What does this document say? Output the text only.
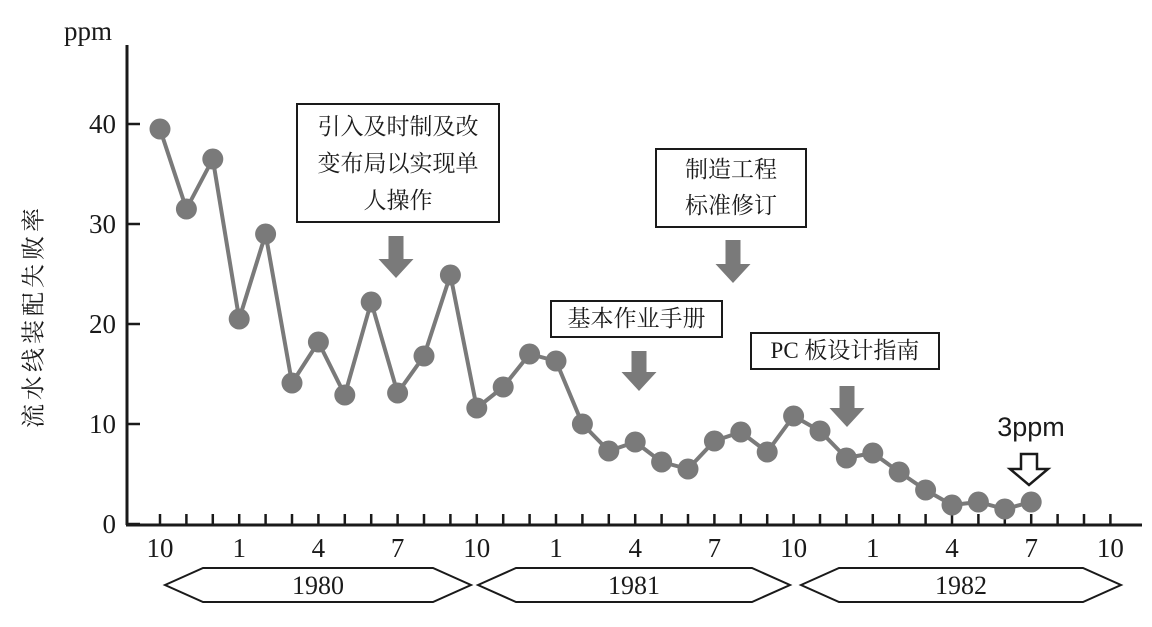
1980	1981	1982
10 1 4 7 10 1 4 7 10 1 4 7 10
0
10
20
30
40
ppm
流水线装配失败率
引入及时制及改
变布局以实现单
人操作
制造工程
标准修订
基本作业手册
PC 板设计指南
3ppm
